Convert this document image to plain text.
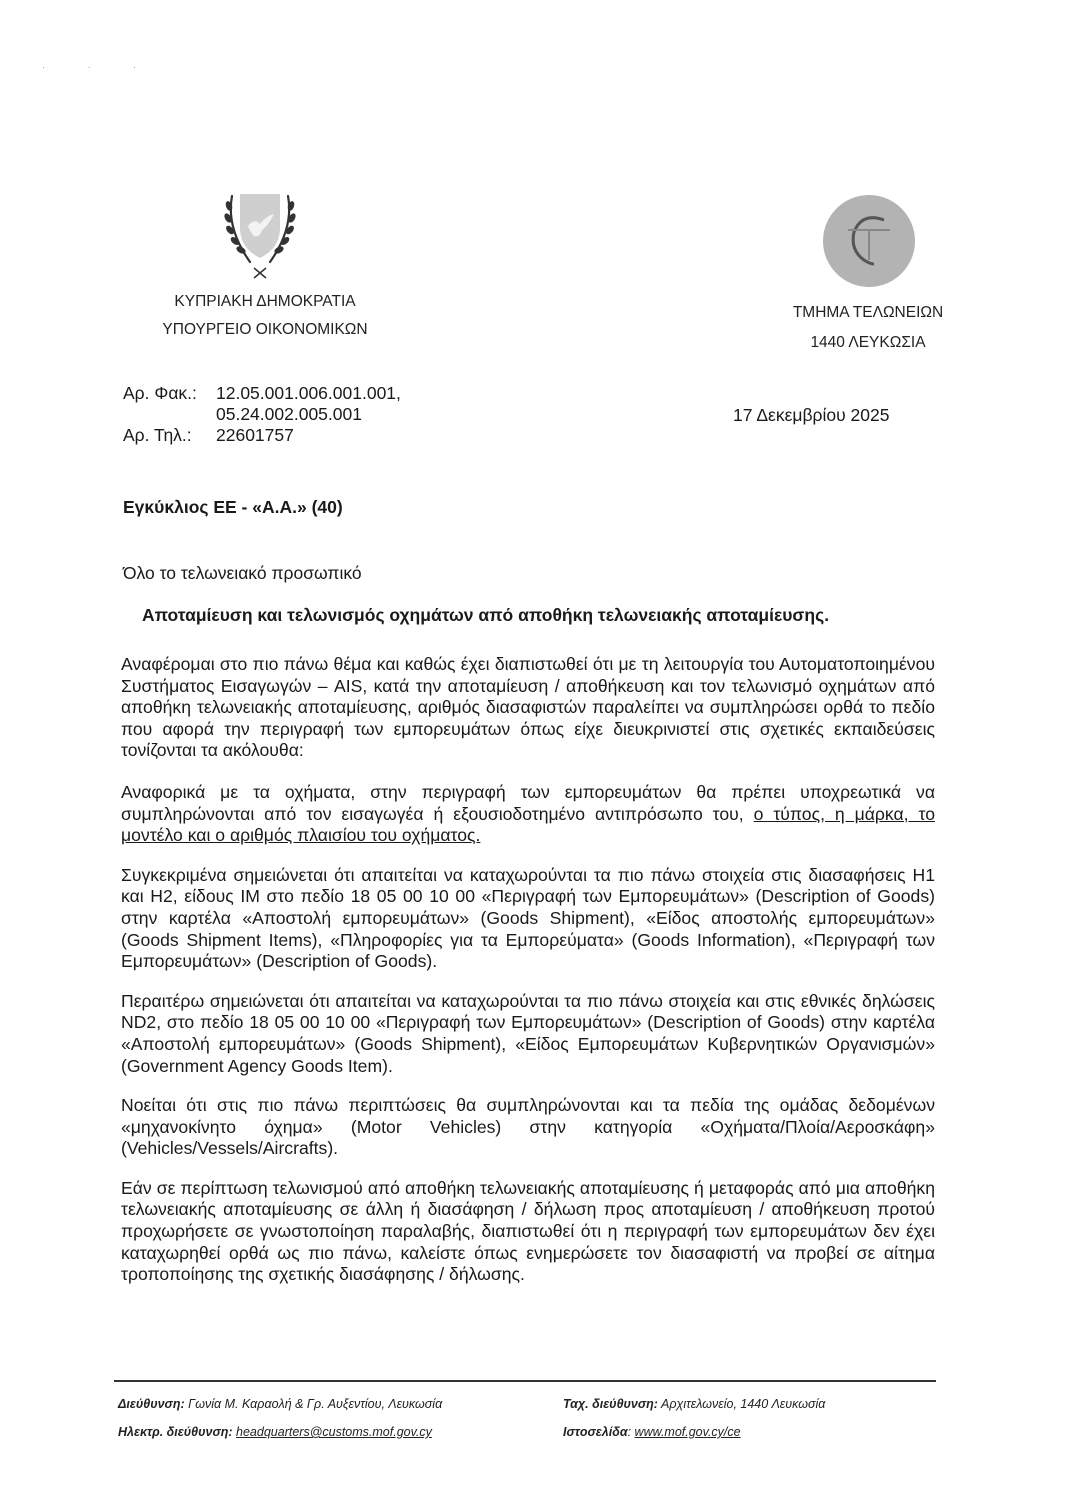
· · ·
ΚΥΠΡΙΑΚΗ ΔΗΜΟΚΡΑΤΙΑ
ΥΠΟΥΡΓΕΙΟ ΟΙΚΟΝΟΜΙΚΩΝ
ΤΜΗΜΑ ΤΕΛΩΝΕΙΩΝ
1440 ΛΕΥΚΩΣΙΑ
Αρ. Φακ.:	12.05.001.006.001.001,
05.24.002.005.001
Αρ. Τηλ.:	22601757
17 Δεκεμβρίου 2025
Εγκύκλιος ΕΕ - «Α.Α.» (40)
Όλο το τελωνειακό προσωπικό
Αποταμίευση και τελωνισμός οχημάτων από αποθήκη τελωνειακής αποταμίευσης.

Αναφέρομαι στο πιο πάνω θέμα και καθώς έχει διαπιστωθεί ότι με τη λειτουργία του Αυτοματοποιημένου Συστήματος Εισαγωγών – AIS, κατά την αποταμίευση / αποθήκευση και τον τελωνισμό οχημάτων από αποθήκη τελωνειακής αποταμίευσης, αριθμός διασαφιστών παραλείπει να συμπληρώσει ορθά το πεδίο που αφορά την περιγραφή των εμπορευμάτων όπως είχε διευκρινιστεί στις σχετικές εκπαιδεύσεις τονίζονται τα ακόλουθα:

Αναφορικά με τα οχήματα, στην περιγραφή των εμπορευμάτων θα πρέπει υποχρεωτικά να συμπληρώνονται από τον εισαγωγέα ή εξουσιοδοτημένο αντιπρόσωπο του, ο τύπος, η μάρκα, το μοντέλο και ο αριθμός πλαισίου του οχήματος.

Συγκεκριμένα σημειώνεται ότι απαιτείται να καταχωρούνται τα πιο πάνω στοιχεία στις διασαφήσεις Η1 και Η2, είδους IM στο πεδίο 18 05 00 10 00 «Περιγραφή των Εμπορευμάτων» (Description of Goods) στην καρτέλα «Αποστολή εμπορευμάτων» (Goods Shipment), «Είδος αποστολής εμπορευμάτων» (Goods Shipment Items), «Πληροφορίες για τα Εμπορεύματα» (Goods Information), «Περιγραφή των Εμπορευμάτων» (Description of Goods).

Περαιτέρω σημειώνεται ότι απαιτείται να καταχωρούνται τα πιο πάνω στοιχεία και στις εθνικές δηλώσεις ND2, στο πεδίο 18 05 00 10 00 «Περιγραφή των Εμπορευμάτων» (Description of Goods) στην καρτέλα «Αποστολή εμπορευμάτων» (Goods Shipment), «Είδος Εμπορευμάτων Κυβερνητικών Οργανισμών» (Government Agency Goods Item).

Νοείται ότι στις πιο πάνω περιπτώσεις θα συμπληρώνονται και τα πεδία της ομάδας δεδομένων «μηχανοκίνητο όχημα» (Motor Vehicles) στην κατηγορία «Οχήματα/Πλοία/Αεροσκάφη» (Vehicles/Vessels/Aircrafts).

Εάν σε περίπτωση τελωνισμού από αποθήκη τελωνειακής αποταμίευσης ή μεταφοράς από μια αποθήκη τελωνειακής αποταμίευσης σε άλλη ή διασάφηση / δήλωση προς αποταμίευση / αποθήκευση προτού προχωρήσετε σε γνωστοποίηση παραλαβής, διαπιστωθεί ότι η περιγραφή των εμπορευμάτων δεν έχει καταχωρηθεί ορθά ως πιο πάνω, καλείστε όπως ενημερώσετε τον διασαφιστή να προβεί σε αίτημα τροποποίησης της σχετικής διασάφησης / δήλωσης.

Διεύθυνση: Γωνία Μ. Καραολή & Γρ. Αυξεντίου, Λευκωσία
Ηλεκτρ. διεύθυνση: headquarters@customs.mof.gov.cy
Ταχ. διεύθυνση: Αρχιτελωνείο, 1440 Λευκωσία
Ιστοσελίδα: www.mof.gov.cy/ce
